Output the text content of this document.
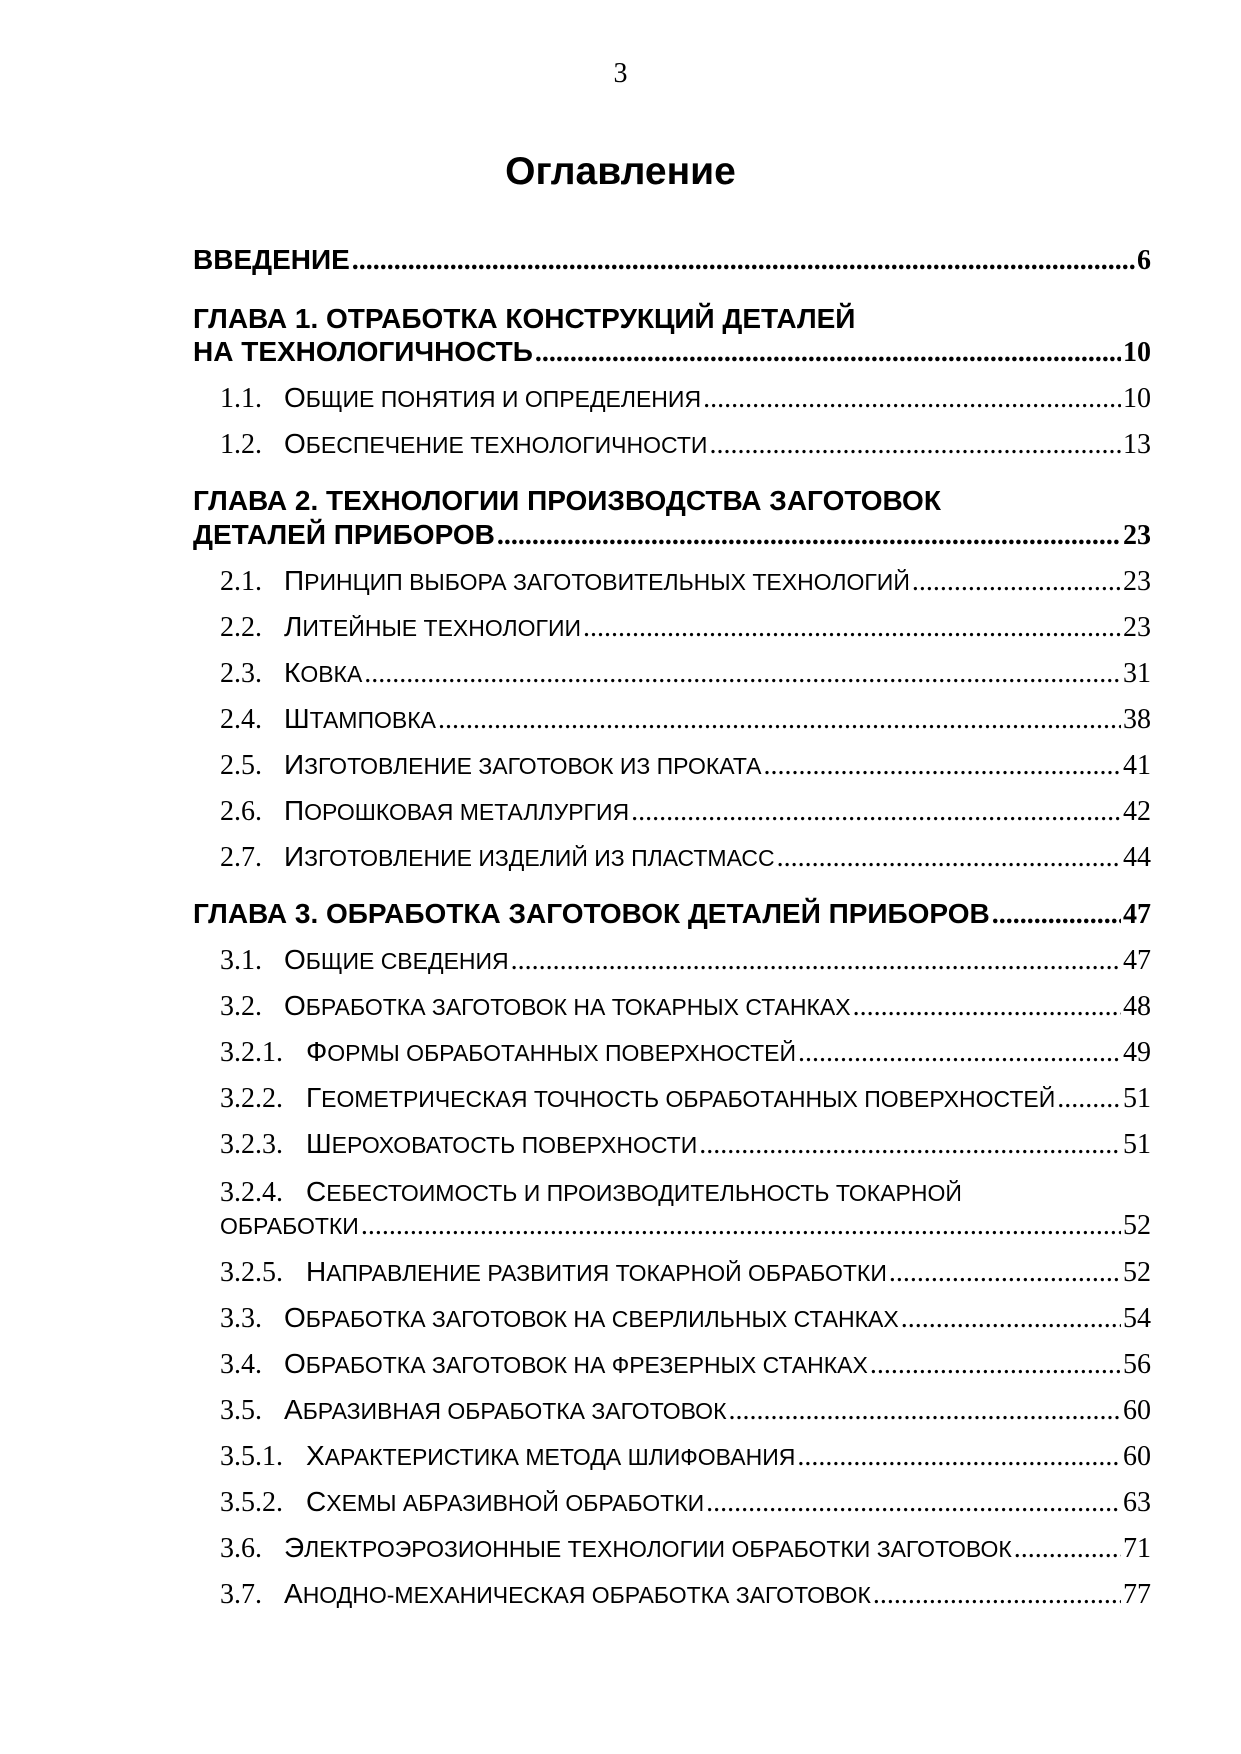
3
Оглавление
ВВЕДЕНИЕ .....	6
ГЛАВА 1. ОТРАБОТКА КОНСТРУКЦИЙ ДЕТАЛЕЙ
НА ТЕХНОЛОГИЧНОСТЬ .....	10
1.1. О БЩИЕ ПОНЯТИЯ И ОПРЕДЕЛЕНИЯ .....	10
1.2. О БЕСПЕЧЕНИЕ ТЕХНОЛОГИЧНОСТИ .....	13
ГЛАВА 2. ТЕХНОЛОГИИ ПРОИЗВОДСТВА ЗАГОТОВОК
ДЕТАЛЕЙ ПРИБОРОВ .....	23
2.1. П РИНЦИП ВЫБОРА ЗАГОТОВИТЕЛЬНЫХ ТЕХНОЛОГИЙ .....	23
2.2. Л ИТЕЙНЫЕ ТЕХНОЛОГИИ .....	23
2.3. К ОВКА .....	31
2.4. Ш ТАМПОВКА .....	38
2.5. И ЗГОТОВЛЕНИЕ ЗАГОТОВОК ИЗ ПРОКАТА .....	41
2.6. П ОРОШКОВАЯ МЕТАЛЛУРГИЯ .....	42
2.7. И ЗГОТОВЛЕНИЕ ИЗДЕЛИЙ ИЗ ПЛАСТМАСС .....	44
ГЛАВА 3. ОБРАБОТКА ЗАГОТОВОК ДЕТАЛЕЙ ПРИБОРОВ .....	47
3.1. О БЩИЕ СВЕДЕНИЯ .....	47
3.2. О БРАБОТКА ЗАГОТОВОК НА ТОКАРНЫХ СТАНКАХ .....	48
3.2.1. Ф ОРМЫ ОБРАБОТАННЫХ ПОВЕРХНОСТЕЙ .....	49
3.2.2. Г ЕОМЕТРИЧЕСКАЯ ТОЧНОСТЬ ОБРАБОТАННЫХ ПОВЕРХНОСТЕЙ ..... 51
3.2.3. Ш ЕРОХОВАТОСТЬ ПОВЕРХНОСТИ .....	51
3.2.4. С ЕБЕСТОИМОСТЬ И ПРОИЗВОДИТЕЛЬНОСТЬ ТОКАРНОЙ
ОБРАБОТКИ .....	52
3.2.5. Н АПРАВЛЕНИЕ РАЗВИТИЯ ТОКАРНОЙ ОБРАБОТКИ .....	52
3.3. О БРАБОТКА ЗАГОТОВОК НА СВЕРЛИЛЬНЫХ СТАНКАХ .....	54
3.4. О БРАБОТКА ЗАГОТОВОК НА ФРЕЗЕРНЫХ СТАНКАХ .....	56
3.5. А БРАЗИВНАЯ ОБРАБОТКА ЗАГОТОВОК .....	60
3.5.1. Х АРАКТЕРИСТИКА МЕТОДА ШЛИФОВАНИЯ .....	60
3.5.2. С ХЕМЫ АБРАЗИВНОЙ ОБРАБОТКИ .....	63
3.6. Э ЛЕКТРОЭРОЗИОННЫЕ ТЕХНОЛОГИИ ОБРАБОТКИ ЗАГОТОВОК .....	71
3.7. А НОДНО-МЕХАНИЧЕСКАЯ ОБРАБОТКА ЗАГОТОВОК .....	77
